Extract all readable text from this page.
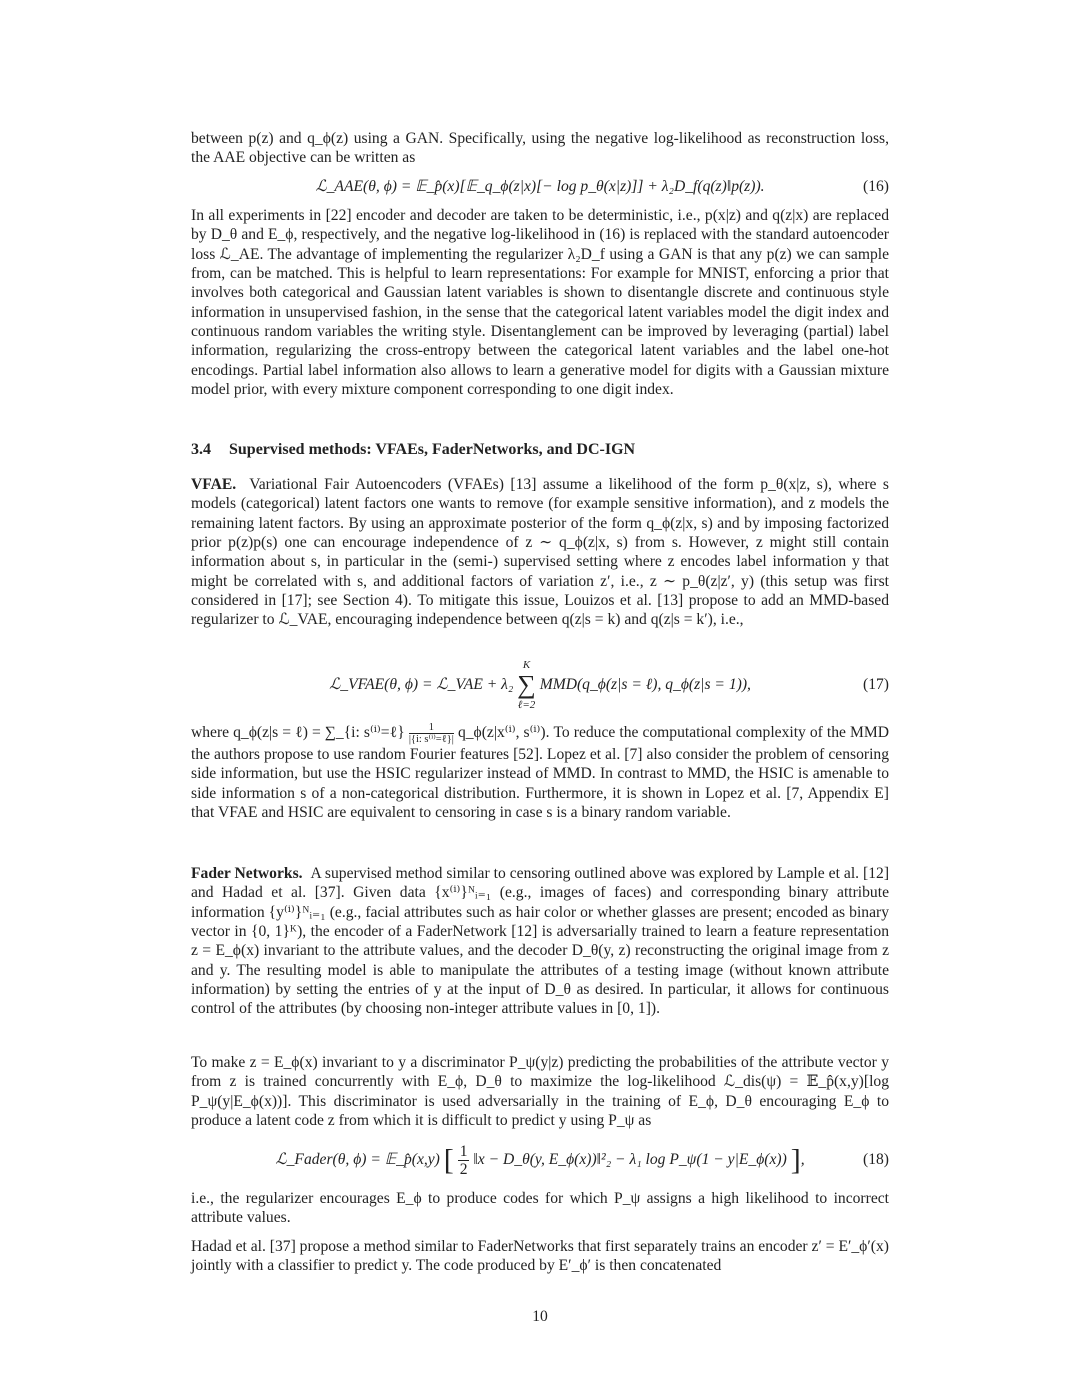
between p(z) and q_ϕ(z) using a GAN. Specifically, using the negative log-likelihood as reconstruction loss, the AAE objective can be written as

ℒ_AAE(θ, ϕ) = 𝔼_p̂(x)[𝔼_q_ϕ(z|x)[− log p_θ(x|z)]] + λ₂D_f(q(z)‖p(z)).	(16)

In all experiments in [22] encoder and decoder are taken to be deterministic, i.e., p(x|z) and q(z|x) are replaced by D_θ and E_ϕ, respectively, and the negative log-likelihood in (16) is replaced with the standard autoencoder loss ℒ_AE. The advantage of implementing the regularizer λ₂D_f using a GAN is that any p(z) we can sample from, can be matched. This is helpful to learn representations: For example for MNIST, enforcing a prior that involves both categorical and Gaussian latent variables is shown to disentangle discrete and continuous style information in unsupervised fashion, in the sense that the categorical latent variables model the digit index and continuous random variables the writing style. Disentanglement can be improved by leveraging (partial) label information, regularizing the cross-entropy between the categorical latent variables and the label one-hot encodings. Partial label information also allows to learn a generative model for digits with a Gaussian mixture model prior, with every mixture component corresponding to one digit index.

3.4 Supervised methods: VFAEs, FaderNetworks, and DC-IGN

VFAE. Variational Fair Autoencoders (VFAEs) [13] assume a likelihood of the form p_θ(x|z, s), where s models (categorical) latent factors one wants to remove (for example sensitive information), and z models the remaining latent factors. By using an approximate posterior of the form q_ϕ(z|x, s) and by imposing factorized prior p(z)p(s) one can encourage independence of z ∼ q_ϕ(z|x, s) from s. However, z might still contain information about s, in particular in the (semi-) supervised setting where z encodes label information y that might be correlated with s, and additional factors of variation z′, i.e., z ∼ p_θ(z|z′, y) (this setup was first considered in [17]; see Section 4). To mitigate this issue, Louizos et al. [13] propose to add an MMD-based regularizer to ℒ_VAE, encouraging independence between q(z|s = k) and q(z|s = k′), i.e.,

ℒ_VFAE(θ, ϕ) = ℒ_VAE + λ₂
K
∑
ℓ=2
MMD(q_ϕ(z|s = ℓ), q_ϕ(z|s = 1)),	(17)

where q_ϕ(z|s = ℓ) = ∑_{i: s⁽ⁱ⁾=ℓ} $\frac{1}{\text{|\{i: s⁽ⁱ⁾=ℓ\}|}}$ q_ϕ(z|x⁽ⁱ⁾, s⁽ⁱ⁾). To reduce the computational complexity of the MMD the authors propose to use random Fourier features [52]. Lopez et al. [7] also consider the problem of censoring side information, but use the HSIC regularizer instead of MMD. In contrast to MMD, the HSIC is amenable to side information s of a non-categorical distribution. Furthermore, it is shown in Lopez et al. [7, Appendix E] that VFAE and HSIC are equivalent to censoring in case s is a binary random variable.

Fader Networks. A supervised method similar to censoring outlined above was explored by Lample et al. [12] and Hadad et al. [37]. Given data {x⁽ⁱ⁾}ᴺᵢ₌₁ (e.g., images of faces) and corresponding binary attribute information {y⁽ⁱ⁾}ᴺᵢ₌₁ (e.g., facial attributes such as hair color or whether glasses are present; encoded as binary vector in {0, 1}ᴷ), the encoder of a FaderNetwork [12] is adversarially trained to learn a feature representation z = E_ϕ(x) invariant to the attribute values, and the decoder D_θ(y, z) reconstructing the original image from z and y. The resulting model is able to manipulate the attributes of a testing image (without known attribute information) by setting the entries of y at the input of D_θ as desired. In particular, it allows for continuous control of the attributes (by choosing non-integer attribute values in [0, 1]).

To make z = E_ϕ(x) invariant to y a discriminator P_ψ(y|z) predicting the probabilities of the attribute vector y from z is trained concurrently with E_ϕ, D_θ to maximize the log-likelihood ℒ_dis(ψ) = 𝔼_p̂(x,y)[log P_ψ(y|E_ϕ(x))]. This discriminator is used adversarially in the training of E_ϕ, D_θ encouraging E_ϕ to produce a latent code z from which it is difficult to predict y using P_ψ as

ℒ_Fader(θ, ϕ) = 𝔼_p̂(x,y) [ $\frac{1}{2}$ ‖x − D_θ(y, E_ϕ(x))‖²₂ − λ₁ log P_ψ(1 − y|E_ϕ(x)) ],	(18)

i.e., the regularizer encourages E_ϕ to produce codes for which P_ψ assigns a high likelihood to incorrect attribute values.

Hadad et al. [37] propose a method similar to FaderNetworks that first separately trains an encoder z′ = E′_ϕ′(x) jointly with a classifier to predict y. The code produced by E′_ϕ′ is then concatenated

10
